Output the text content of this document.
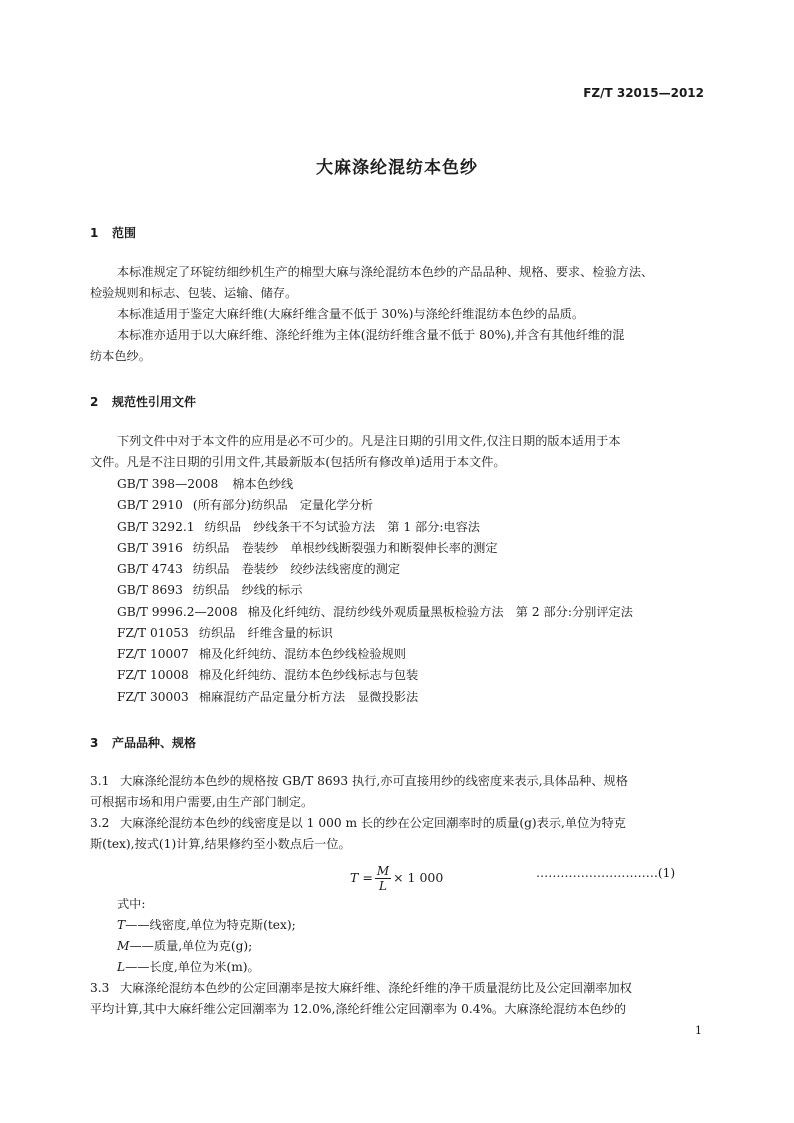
FZ/T 32015—2012
大麻涤纶混纺本色纱
1 范围
本标准规定了环锭纺细纱机生产的棉型大麻与涤纶混纺本色纱的产品品种、规格、要求、检验方法、
检验规则和标志、包装、运输、储存。
本标准适用于鉴定大麻纤维(大麻纤维含量不低于 30%)与涤纶纤维混纺本色纱的品质。
本标准亦适用于以大麻纤维、涤纶纤维为主体(混纺纤维含量不低于 80%),并含有其他纤维的混
纺本色纱。
2 规范性引用文件
下列文件中对于本文件的应用是必不可少的。凡是注日期的引用文件,仅注日期的版本适用于本
文件。凡是不注日期的引用文件,其最新版本(包括所有修改单)适用于本文件。
GB/T 398—2008 棉本色纱线
GB/T 2910 (所有部分)纺织品　定量化学分析
GB/T 3292.1 纺织品　纱线条干不匀试验方法　第 1 部分:电容法
GB/T 3916 纺织品　卷装纱　单根纱线断裂强力和断裂伸长率的测定
GB/T 4743 纺织品　卷装纱　绞纱法线密度的测定
GB/T 8693 纺织品　纱线的标示
GB/T 9996.2—2008 棉及化纤纯纺、混纺纱线外观质量黑板检验方法　第 2 部分:分别评定法
FZ/T 01053 纺织品　纤维含量的标识
FZ/T 10007 棉及化纤纯纺、混纺本色纱线检验规则
FZ/T 10008 棉及化纤纯纺、混纺本色纱线标志与包装
FZ/T 30003 棉麻混纺产品定量分析方法　显微投影法
3 产品品种、规格
3.1 大麻涤纶混纺本色纱的规格按 GB/T 8693 执行,亦可直接用纱的线密度来表示,具体品种、规格
可根据市场和用户需要,由生产部门制定。
3.2 大麻涤纶混纺本色纱的线密度是以 1 000 m 长的纱在公定回潮率时的质量(g)表示,单位为特克
斯(tex),按式(1)计算,结果修约至小数点后一位。
$T = \frac{M}{L} \times 1$ 000	…………………………(1)
式中:
T——线密度,单位为特克斯(tex);
M——质量,单位为克(g);
L——长度,单位为米(m)。
3.3 大麻涤纶混纺本色纱的公定回潮率是按大麻纤维、涤纶纤维的净干质量混纺比及公定回潮率加权
平均计算,其中大麻纤维公定回潮率为 12.0%,涤纶纤维公定回潮率为 0.4%。大麻涤纶混纺本色纱的
1
